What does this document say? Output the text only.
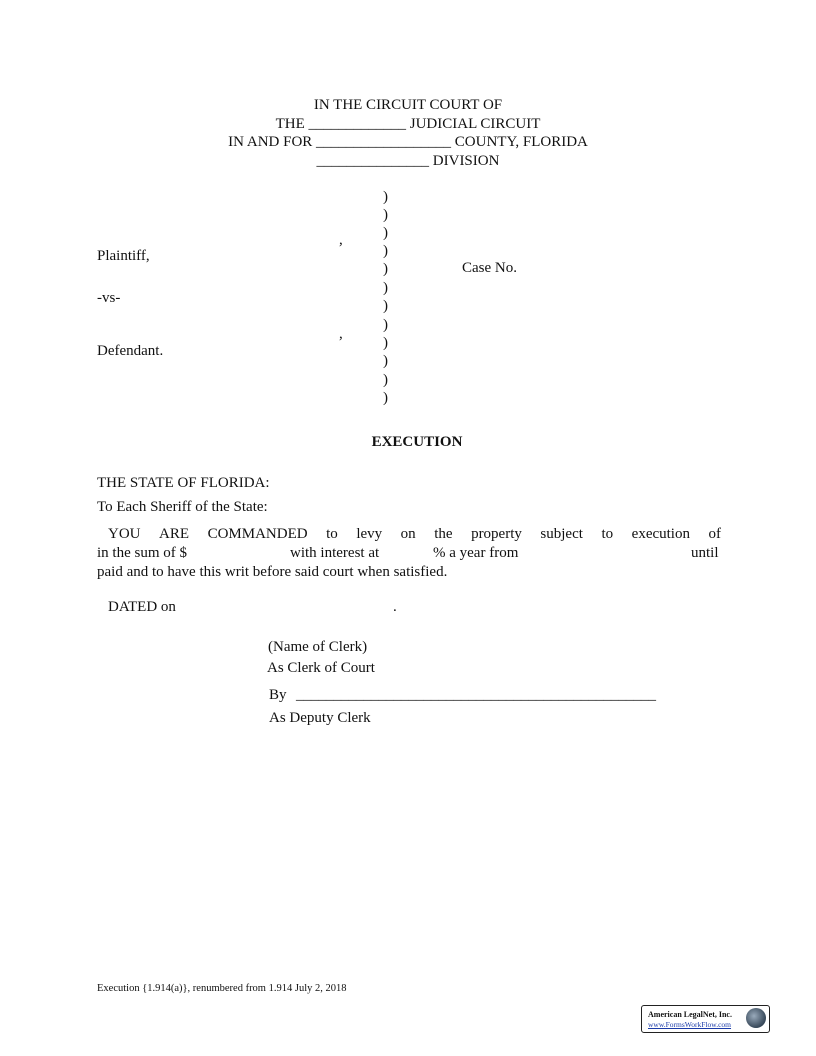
IN THE CIRCUIT COURT OF
THE _____________ JUDICIAL CIRCUIT
IN AND FOR __________________ COUNTY, FLORIDA
_______________ DIVISION
)
)
)
)
)
)
)
)
)
)
)
)
,
Plaintiff,
-vs-
,
Defendant.
Case No.
EXECUTION
THE STATE OF FLORIDA:
To Each Sheriff of the State:
YOU ARE COMMANDED to levy on the property subject to execution of
in the sum of $	with interest at	% a year from	until
paid and to have this writ before said court when satisfied.
DATED on	.
(Name of Clerk)
As Clerk of Court
By ________________________________________________
As Deputy Clerk
Execution {1.914(a)}, renumbered from 1.914 July 2, 2018
American LegalNet, Inc.
www.FormsWorkFlow.com
